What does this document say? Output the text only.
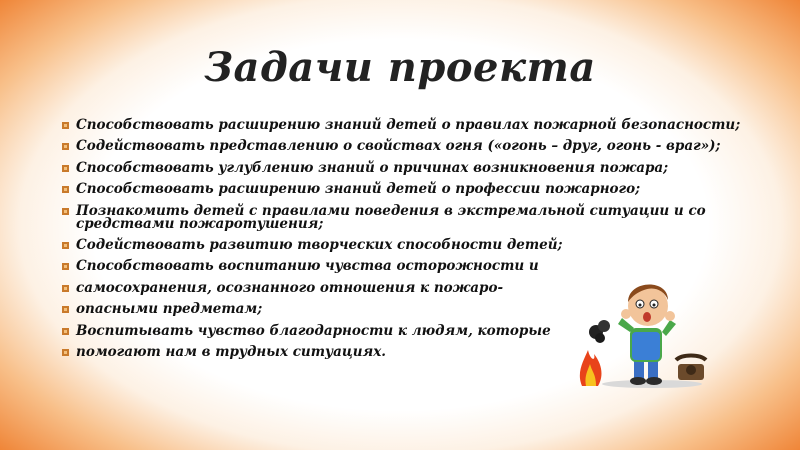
Задачи проекта
Способствовать расширению знаний детей о правилах пожарной безопасности;
Содействовать представлению о свойствах огня («огонь – друг, огонь - враг»);
Способствовать углублению знаний о причинах возникновения пожара;
Способствовать расширению знаний детей о профессии пожарного;
Познакомить детей с правилами поведения в экстремальной ситуации и со средствами пожаротушения;
Содействовать развитию творческих способности детей;
Способствовать воспитанию чувства осторожности и
самосохранения, осознанного отношения к пожаро-
опасными предметам;
Воспитывать чувство благодарности к людям, которые
помогают нам в трудных ситуациях.
